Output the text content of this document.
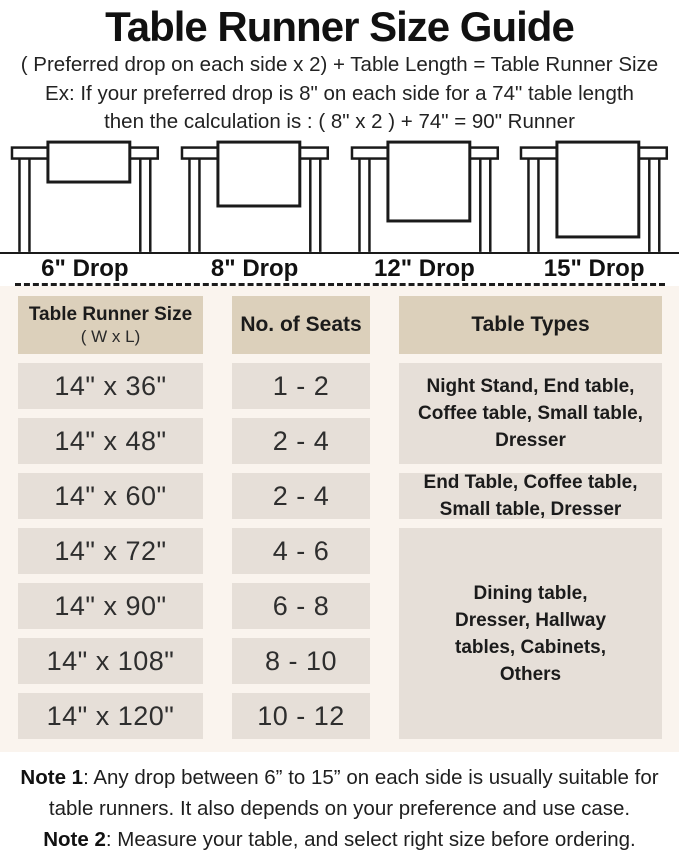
Table Runner Size Guide

( Preferred drop on each side x 2) + Table Length = Table Runner Size

Ex: If your preferred drop is 8" on each side for a 74" table length

then the calculation is : ( 8" x 2 ) + 74" = 90" Runner

6" Drop	8" Drop	12" Drop	15" Drop
Table Runner Size
( W x L)
No. of Seats	Table Types
14" x 36"	1 - 2	Night Stand, End table, Coffee table, Small table, Dresser
14" x 48"	2 - 4
14" x 60"	2 - 4	End Table, Coffee table, Small table, Dresser
14" x 72"	4 - 6
Dining table, Dresser, Hallway tables, Cabinets, Others
14" x 90"	6 - 8
14" x 108"	8 - 10
14" x 120"	10 - 12

Note 1: Any drop between 6” to 15” on each side is usually suitable for table runners. It also depends on your preference and use case.

Note 2: Measure your table, and select right size before ordering.
